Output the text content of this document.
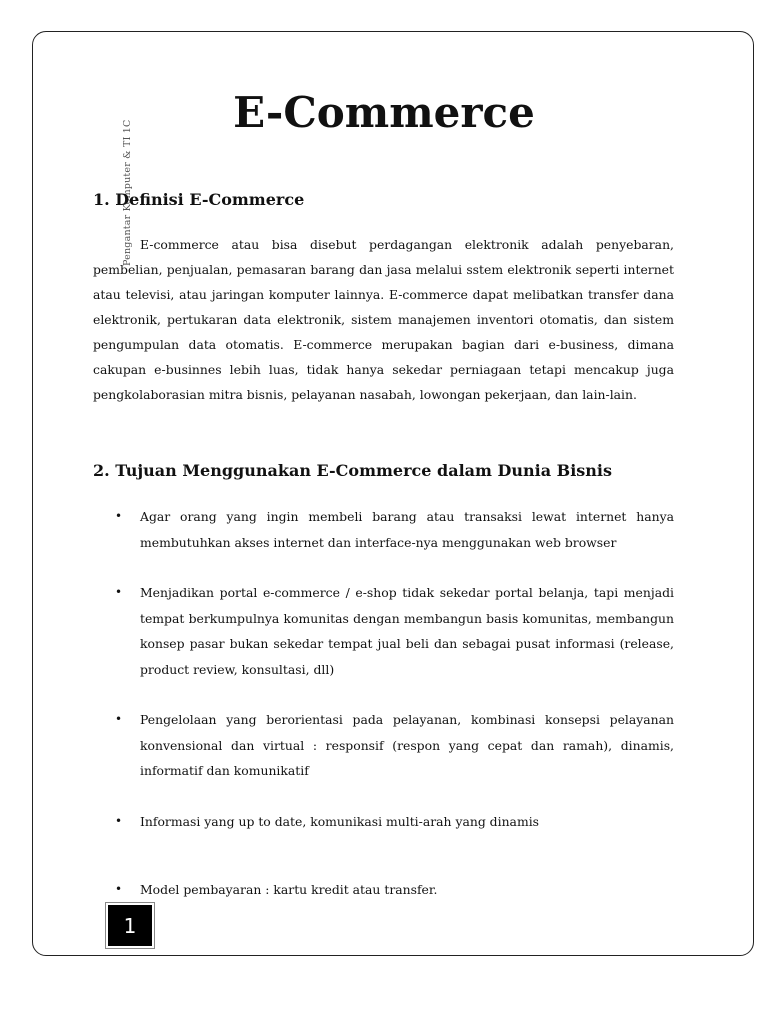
Pengantar Komputer & TI 1C
E-Commerce
1. Definisi E-Commerce

E-commerce atau bisa disebut perdagangan elektronik adalah penyebaran, pembelian, penjualan, pemasaran barang dan jasa melalui sstem elektronik seperti internet atau televisi, atau jaringan komputer lainnya. E-commerce dapat melibatkan transfer dana elektronik, pertukaran data elektronik, sistem manajemen inventori otomatis, dan sistem pengumpulan data otomatis. E-commerce merupakan bagian dari e-business, dimana cakupan e-businnes lebih luas, tidak hanya sekedar perniagaan tetapi mencakup juga pengkolaborasian mitra bisnis, pelayanan nasabah, lowongan pekerjaan, dan lain-lain.

2. Tujuan Menggunakan E-Commerce dalam Dunia Bisnis
• Agar orang yang ingin membeli barang atau transaksi lewat internet hanya membutuhkan akses internet dan interface-nya menggunakan web browser
• Menjadikan portal e-commerce / e-shop tidak sekedar portal belanja, tapi menjadi tempat berkumpulnya komunitas dengan membangun basis komunitas, membangun konsep pasar bukan sekedar tempat jual beli dan sebagai pusat informasi (release, product review, konsultasi, dll)
• Pengelolaan yang berorientasi pada pelayanan, kombinasi konsepsi pelayanan konvensional dan virtual : responsif (respon yang cepat dan ramah), dinamis, informatif dan komunikatif
• Informasi yang up to date, komunikasi multi-arah yang dinamis
• Model pembayaran : kartu kredit atau transfer.
1
